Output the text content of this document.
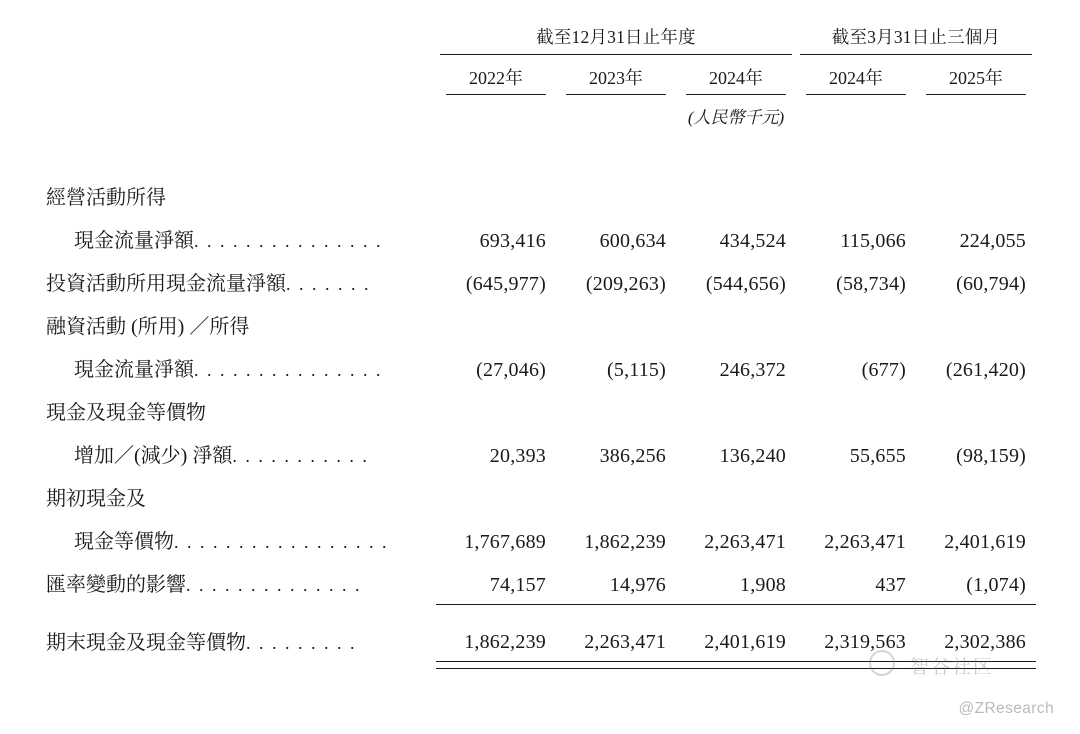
	截至12月31日止年度			截至3月31日止三個月	

	2022年	2023年	2024年	2024年	2025年

			(人民幣千元)		

經營活動所得					
現金流量淨額. . . . . . . . . . . . . . .	693,416	600,634	434,524	115,066	224,055
投資活動所用現金流量淨額. . . . . . .	(645,977)	(209,263)	(544,656)	(58,734)	(60,794)
融資活動 (所用) ／所得					
現金流量淨額. . . . . . . . . . . . . . .	(27,046)	(5,115)	246,372	(677)	(261,420)
現金及現金等價物					
增加／(減少) 淨額. . . . . . . . . . .	20,393	386,256	136,240	55,655	(98,159)
期初現金及					
現金等價物. . . . . . . . . . . . . . . . .	1,767,689	1,862,239	2,263,471	2,263,471	2,401,619
匯率變動的影響. . . . . . . . . . . . . .	74,157	14,976	1,908	437	(1,074)

期末現金及現金等價物. . . . . . . . .	1,862,239	2,263,471	2,401,619	2,319,563	2,302,386

智谷社区
@ZResearch
